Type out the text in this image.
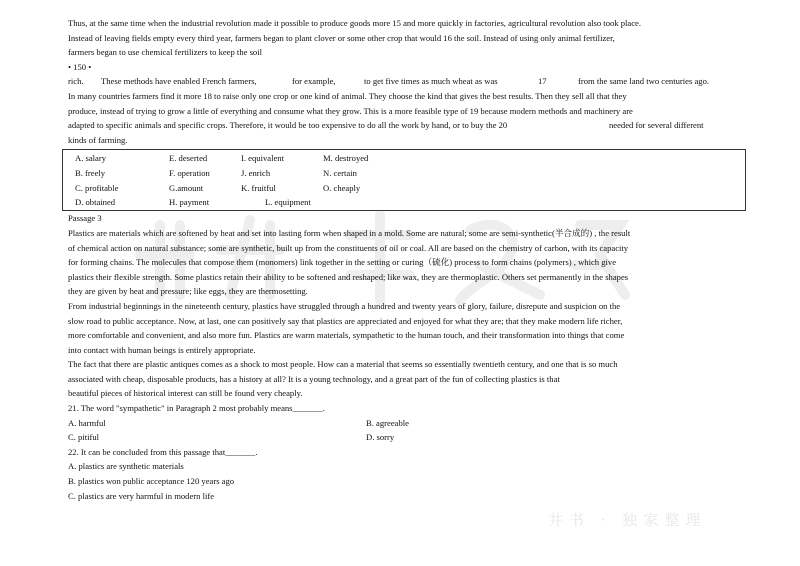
Thus, at the same time when the industrial revolution made it possible to produce goods more 15 and more quickly in factories, agricultural revolution also took place.

Instead of leaving fields empty every third year, farmers began to plant clover or some other crop that would 16 the soil. Instead of using only animal fertilizer,

farmers began to use chemical fertilizers to keep the soil

• 150 •

rich. These methods have enabled French farmers,	for example,	to get five times as much wheat as was	17	from the same land two centuries ago.

In many countries farmers find it more 18 to raise only one crop or one kind of animal. They choose the kind that gives the best results. Then they sell all that they

produce, instead of trying to grow a little of everything and consume what they grow. This is a more feasible type of 19 because modern methods and machinery are

adapted to specific animals and specific crops. Therefore, it would be too expensive to do all the work by hand, or to buy the 20	needed for several different

kinds of farming.

A. salary	E. deserted	I. equivalent	M. destroyed
B. freely	F. operation	J. enrich	N. certain
C. profitable	G.amount	K. fruitful	O. cheaply
D. obtained	H. payment	L. equipment

Passage 3

Plastics are materials which are softened by heat and set into lasting form when shaped in a mold. Some are natural; some are semi-synthetic(半合成的) , the result

of chemical action on natural substance; some are synthetic, built up from the constituents of oil or coal. All are based on the chemistry of carbon, with its capacity

for forming chains. The molecules that compose them (monomers) link together in the setting or curing（硫化) process to form chains (polymers) , which give

plastics their flexible strength. Some plastics retain their ability to be softened and reshaped; like wax, they are thermoplastic. Others set permanently in the shapes

they are given by heat and pressure; like eggs, they are thermosetting.

From industrial beginnings in the nineteenth century, plastics have struggled through a hundred and twenty years of glory, failure, disrepute and suspicion on the

slow road to public acceptance. Now, at last, one can positively say that plastics are appreciated and enjoyed for what they are; that they make modern life richer,

more comfortable and convenient, and also more fun. Plastics are warm materials, sympathetic to the human touch, and their transformation into things that come

into contact with human beings is entirely appropriate.

The fact that there are plastic antiques comes as a shock to most people. How can a material that seems so essentially twentieth century, and one that is so much

associated with cheap, disposable products, has a history at all? It is a young technology, and a great part of the fun of collecting plastics is that

beautiful pieces of historical interest can still be found very cheaply.

21. The word "sympathetic" in Paragraph 2 most probably means_______.

A. harmful	B. agreeable
C. pitiful	D. sorry

22. It can be concluded from this passage that_______.

A. plastics are synthetic materials

B. plastics won public acceptance 120 years ago

C. plastics are very harmful in modern life

井书 · 独家整理
